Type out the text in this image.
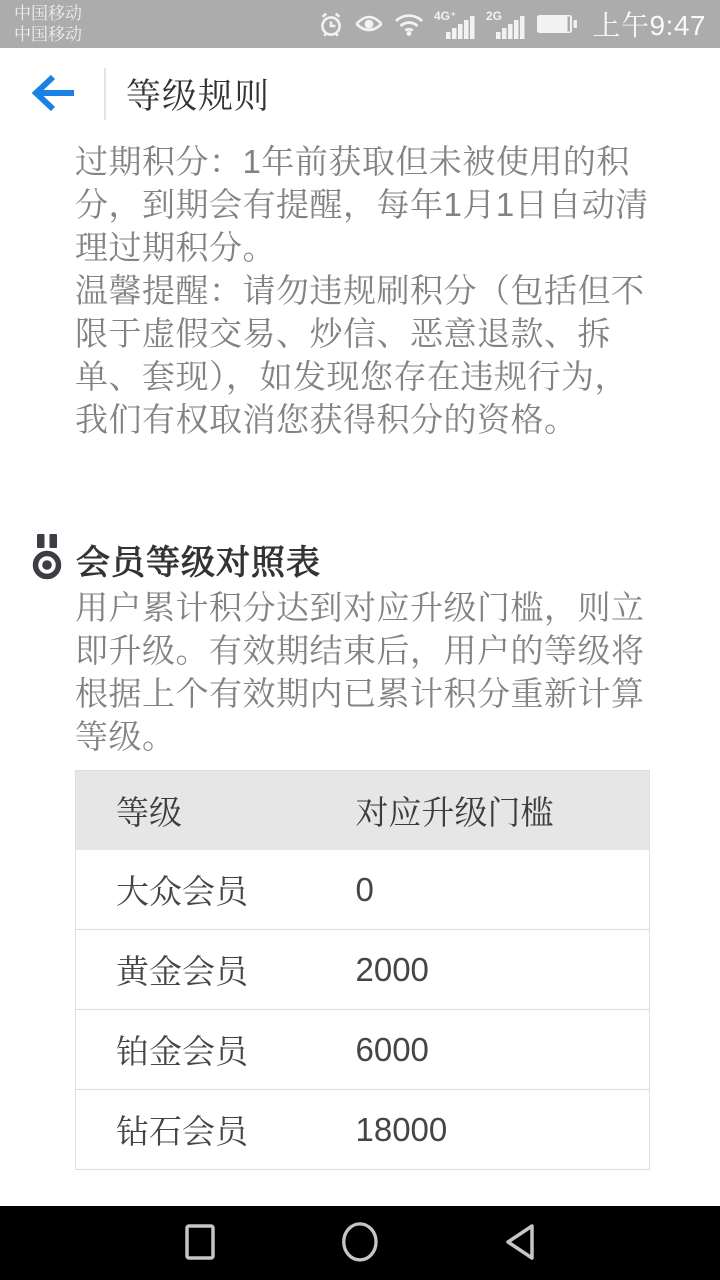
中国移动
中国移动
4G⁺ 2G	上午9:47
等级规则

过期积分：1年前获取但未被使用的积分，到期会有提醒，每年1月1日自动清理过期积分。

温馨提醒：请勿违规刷积分（包括但不限于虚假交易、炒信、恶意退款、拆单、套现），如发现您存在违规行为，我们有权取消您获得积分的资格。

会员等级对照表

用户累计积分达到对应升级门槛，则立即升级。有效期结束后，用户的等级将根据上个有效期内已累计积分重新计算等级。

等级	对应升级门槛
大众会员	0
黄金会员	2000
铂金会员	6000
钻石会员	18000
